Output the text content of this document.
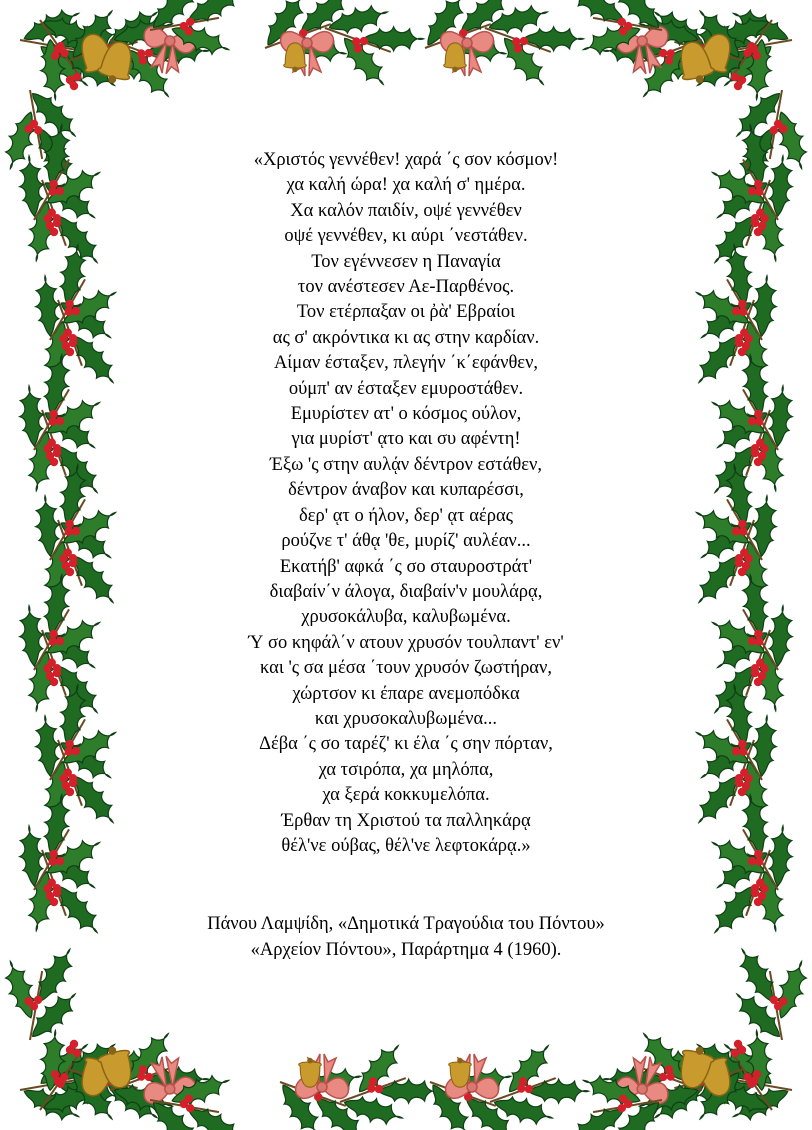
«Χριστός γεννέθεν! χαρά ΄ς σον κόσμον!
χα καλή ώρα! χα καλή σ' ημέρα.
Χα καλόν παιδίν, οψέ γεννέθεν
οψέ γεννέθεν, κι αύρι ΄νεστάθεν.
Τον εγέννεσεν η Παναγία
τον ανέστεσεν Αε-Παρθένος.
Τον ετέρπαξαν οι ῤὰ' Εβραίοι
ας σ' ακρόντικα κι ας στην καρδίαν.
Αίμαν έσταξεν, πλεγήν ΄κ΄εφάνθεν,
ούμπ' αν έσταξεν εμυροστάθεν.
Εμυρίστεν ατ' ο κόσμος ούλον,
για μυρίστ' ᾳτο και συ αφέντη!
Έξω 'ς στην αυλᾴν δέντρον εστάθεν,
δέντρον άναβον και κυπαρέσσι,
δερ' ᾳτ ο ήλον, δερ' ᾳτ αέρας
ρούζνε τ' άθᾳ 'θε, μυρίζ' αυλέαν...
Εκατήβ' αφκά ΄ς σο σταυροστράτ'
διαβαίν΄ν άλογα, διαβαίν'ν μουλάρᾳ,
χρυσοκάλυβα, καλυβωμένα.
Ύ σο κηφάλ΄ν ατουν χρυσόν τουλπαντ' εν'
και 'ς σα μέσα ΄τουν χρυσόν ζωστήραν,
χώρτσον κι έπαρε ανεμοπόδκα
και χρυσοκαλυβωμένα...
Δέβα ΄ς σο ταρέζ' κι έλα ΄ς σην πόρταν,
χα τσιρόπα, χα μηλόπα,
χα ξερά κοκκυμελόπα.
Έρθαν τη Χριστού τα παλληκάρᾳ
θέλ'νε ούβας, θέλ'νε λεφτοκάρᾳ.»
Πάνου Λαμψίδη, «Δημοτικά Τραγούδια του Πόντου»
«Αρχείον Πόντου», Παράρτημα 4 (1960).
